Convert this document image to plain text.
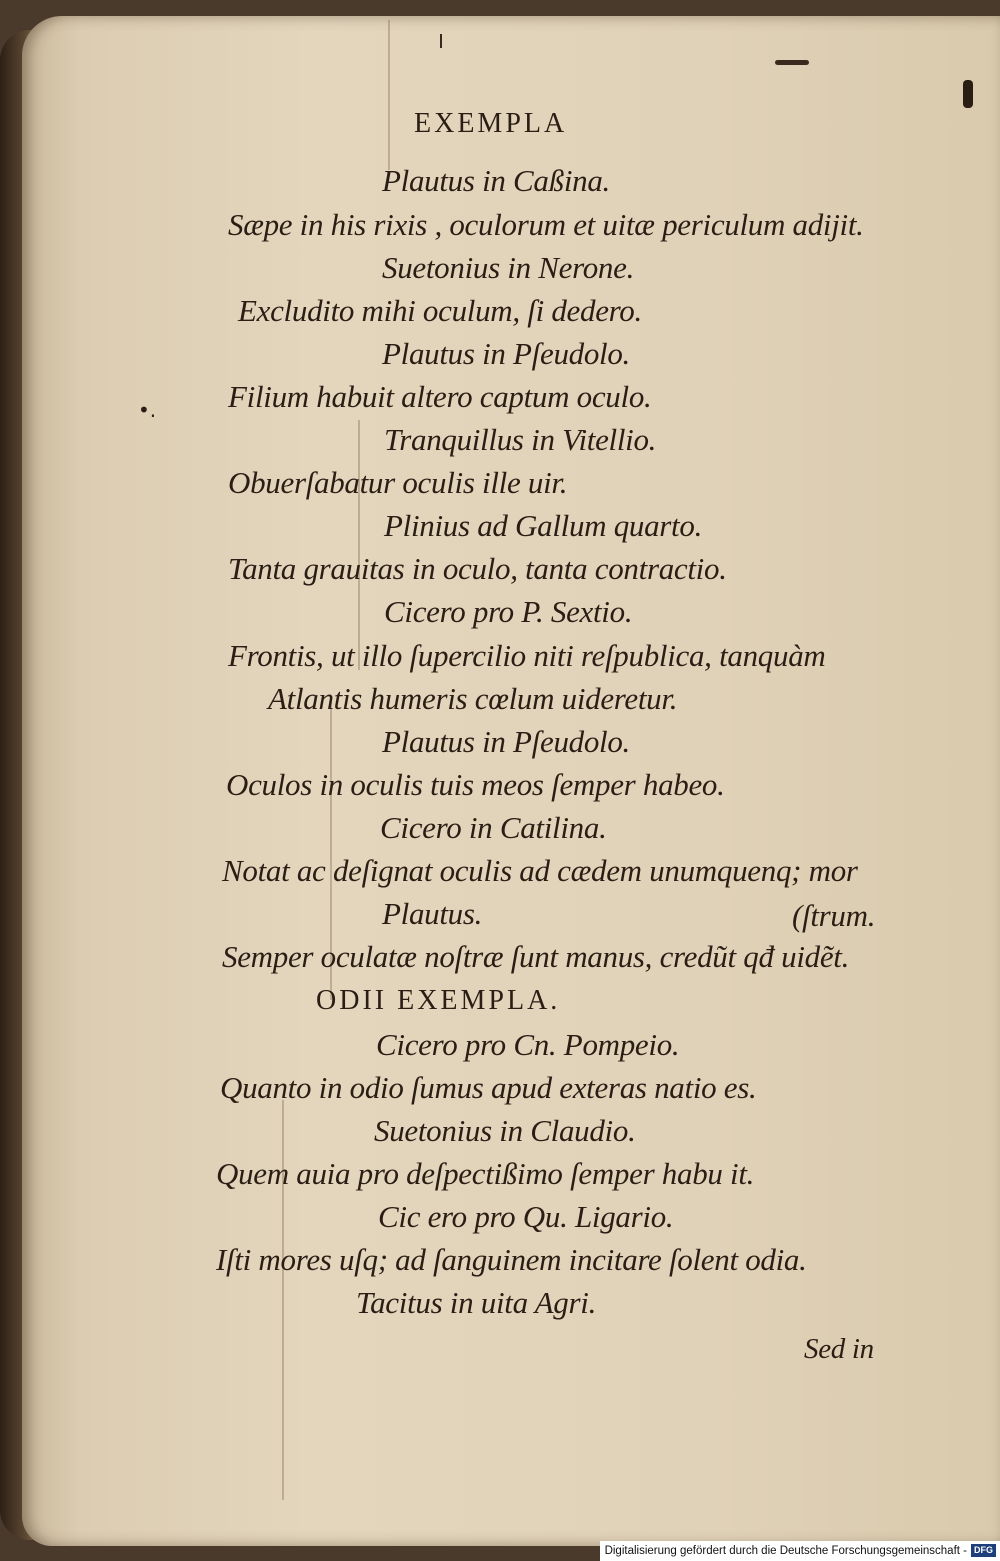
•.
EXEMPLA
Plautus in Caßina.
Sæpe in his rixis , oculorum et uitæ periculum adijit.
Suetonius in Nerone.
Excludito mihi oculum, ſi dedero.
Plautus in Pſeudolo.
Filium habuit altero captum oculo.
Tranquillus in Vitellio.
Obuerſabatur oculis ille uir.
Plinius ad Gallum quarto.
Tanta grauitas in oculo, tanta contractio.
Cicero pro P. Sextio.
Frontis, ut illo ſupercilio niti reſpublica, tanquàm
Atlantis humeris cœlum uideretur.
Plautus in Pſeudolo.
Oculos in oculis tuis meos ſemper habeo.
Cicero in Catilina.
Notat ac deſignat oculis ad cædem unumquenq; mor
Plautus.	(ſtrum.
Semper oculatæ noſtræ ſunt manus, credũt qđ uidẽt.
ODII EXEMPLA.
Cicero pro Cn. Pompeio.
Quanto in odio ſumus apud exteras natio es.
Suetonius in Claudio.
Quem auia pro deſpectißimo ſemper habu it.
Cic ero pro Qu. Ligario.
Iſti mores uſq; ad ſanguinem incitare ſolent odia.
Tacitus in uita Agri.
Sed in
Digitalisierung gefördert durch die Deutsche Forschungsgemeinschaft - DFG
